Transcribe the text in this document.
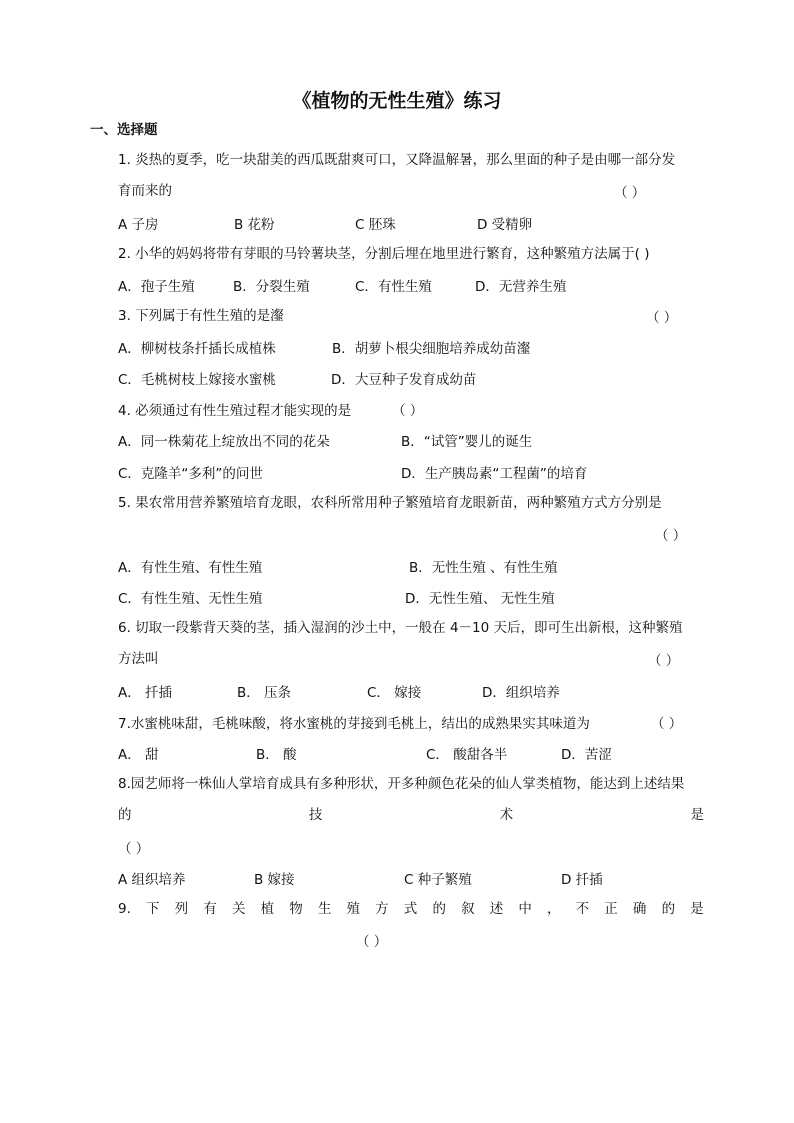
《植物的无性生殖》练习
一、选择题
1. 炎热的夏季，吃一块甜美的西瓜既甜爽可口，又降温解暑，那么里面的种子是由哪一部分发
育而来的	（ ）
A 子房	B 花粉	C 胚珠	D 受精卵
2. 小华的妈妈将带有芽眼的马铃薯块茎，分割后埋在地里进行繁育，这种繁殖方法属于( )
A．孢子生殖	B．分裂生殖	C．有性生殖	D．无营养生殖
3. 下列属于有性生殖的是瀣	（ ）
A．柳树枝条扦插长成植株	B．胡萝卜根尖细胞培养成幼苗瀣
C．毛桃树枝上嫁接水蜜桃	D．大豆种子发育成幼苗
4. 必须通过有性生殖过程才能实现的是	（ ）
A．同一株菊花上绽放出不同的花朵	B．“试管”婴儿的诞生
C．克隆羊“多利”的问世	D．生产胰岛素“工程菌”的培育
5. 果农常用营养繁殖培育龙眼，农科所常用种子繁殖培育龙眼新苗，两种繁殖方式方分别是
（ ）
A．有性生殖、有性生殖	B．无性生殖 、有性生殖
C．有性生殖、无性生殖	D．无性生殖、 无性生殖
6. 切取一段紫背天葵的茎，插入湿润的沙土中，一般在 4－10 天后，即可生出新根，这种繁殖
方法叫	（ ）
A． 扦插	B． 压条	C． 嫁接	D．组织培养
7.水蜜桃味甜，毛桃味酸，将水蜜桃的芽接到毛桃上，结出的成熟果实其味道为	（ ）
A． 甜	B． 酸	C． 酸甜各半	D．苦涩
8.园艺师将一株仙人掌培育成具有多种形状，开多种颜色花朵的仙人掌类植物，能达到上述结果
的	技	术	是
（ ）
A 组织培养	B 嫁接	C 种子繁殖	D 扦插
9. 下 列 有 关 植 物 生 殖 方 式 的 叙 述 中 ， 不 正 确 的 是
（ ）
